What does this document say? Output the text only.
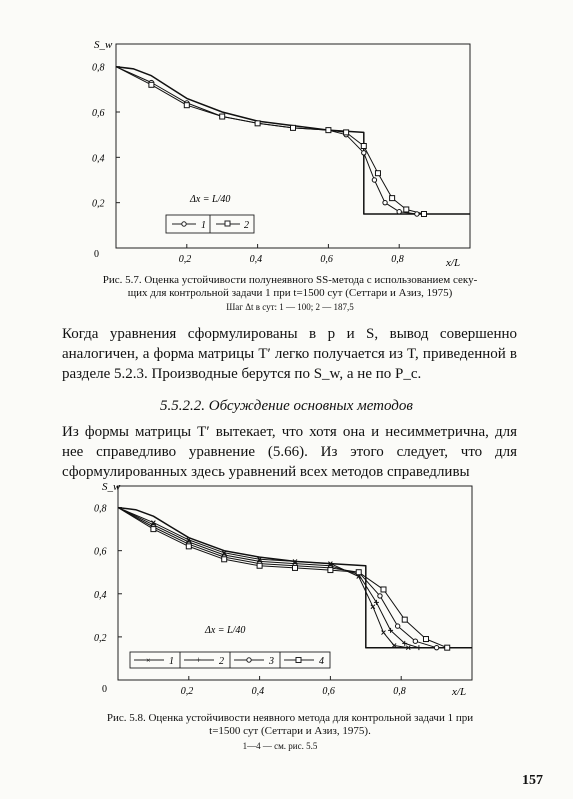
0,2
0,2
0,4
0,4
0,6
0,6
0,8
0,8
S_w
x/L
0
Δx = L/40
1	2
Рис. 5.7. Оценка устойчивости полунеявного SS-метода с использованием секу-
щих для контрольной задачи 1 при t=1500 сут (Сеттари и Азиз, 1975)
Шаг Δt в сут: 1 — 100; 2 — 187,5
Когда уравнения сформулированы в p и S, вывод совершенно аналогичен, а форма матрицы T′ легко получается из T, приведенной в разделе 5.2.3. Производные берутся по S_w, а не по P_c.
5.5.2.2. Обсуждение основных методов
Из формы матрицы T′ вытекает, что хотя она и несимметрична, для нее справедливо уравнение (5.66). Из этого следует, что для сформулированных здесь уравнений всех методов справедливы
0,2
0,2
0,4
0,4
0,6
0,6
0,8
0,8
S_w
x/L
0
Δx = L/40
× 1 + 2	3	4
Рис. 5.8. Оценка устойчивости неявного метода для контрольной задачи 1 при
t=1500 сут (Сеттари и Азиз, 1975).
1—4 — см. рис. 5.5
157
